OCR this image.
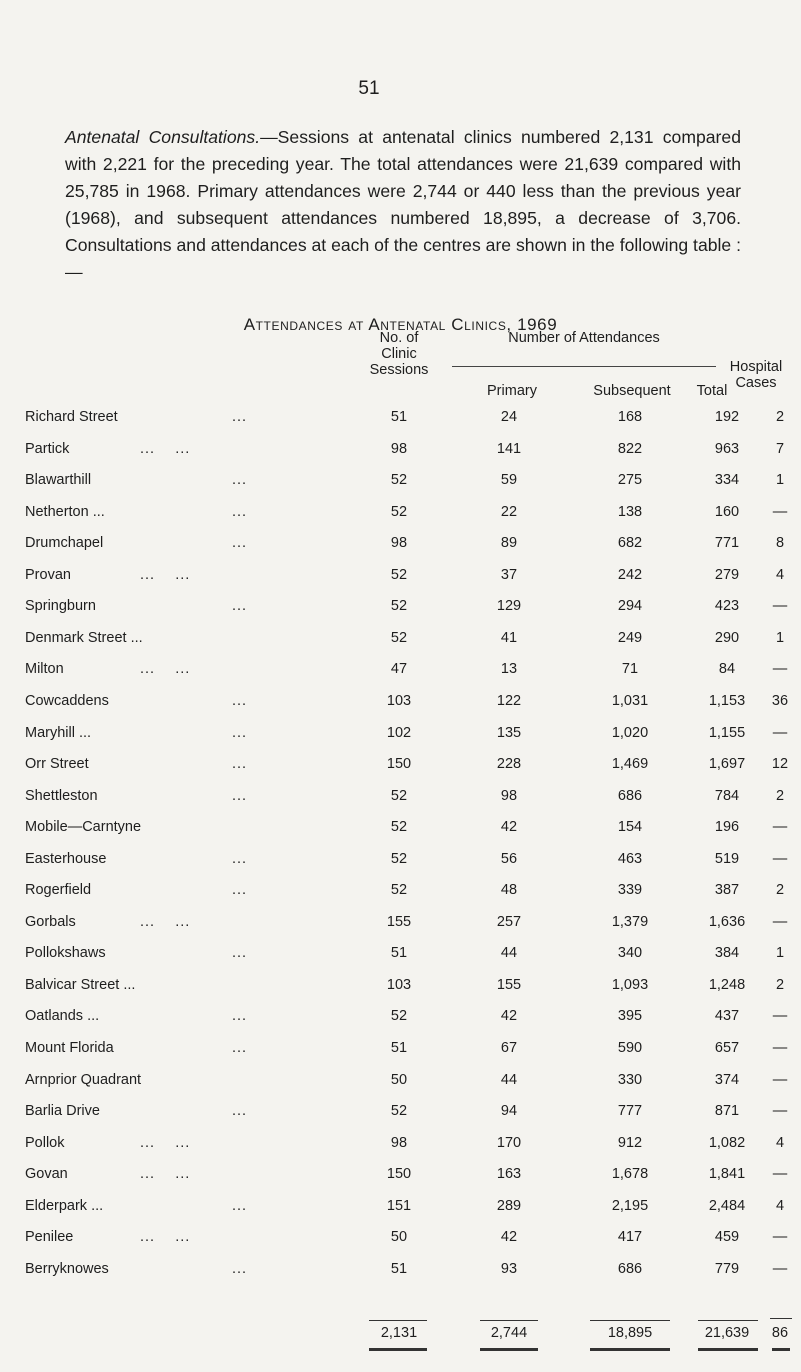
51
Antenatal Consultations.—Sessions at antenatal clinics numbered 2,131 compared with 2,221 for the preceding year. The total attendances were 21,639 compared with 25,785 in 1968. Primary attendances were 2,744 or 440 less than the previous year (1968), and subsequent attendances numbered 18,895, a decrease of 3,706. Consultations and attendances at each of the centres are shown in the following table :—
Attendances at Antenatal Clinics, 1969
No. of
Clinic
Sessions
Number of Attendances
Hospital
Cases
Primary	Subsequent	Total
Richard Street	...	51	24	168	192	2
Partick	...    ...	98	141	822	963	7
Blawarthill	...	52	59	275	334	1
Netherton ...	...	52	22	138	160	—
Drumchapel	...	98	89	682	771	8
Provan	...    ...	52	37	242	279	4
Springburn	...	52	129	294	423	—
Denmark Street ...	52	41	249	290	1
Milton	...    ...	47	13	71	84	—
Cowcaddens	...	103	122	1,031	1,153	36
Maryhill ...	...	102	135	1,020	1,155	—
Orr Street	...	150	228	1,469	1,697	12
Shettleston	...	52	98	686	784	2
Mobile—Carntyne	52	42	154	196	—
Easterhouse	...	52	56	463	519	—
Rogerfield	...	52	48	339	387	2
Gorbals	...    ...	155	257	1,379	1,636	—
Pollokshaws	...	51	44	340	384	1
Balvicar Street ...	103	155	1,093	1,248	2
Oatlands ...	...	52	42	395	437	—
Mount Florida	...	51	67	590	657	—
Arnprior Quadrant	50	44	330	374	—
Barlia Drive	...	52	94	777	871	—
Pollok	...    ...	98	170	912	1,082	4
Govan	...    ...	150	163	1,678	1,841	—
Elderpark ...	...	151	289	2,195	2,484	4
Penilee	...    ...	50	42	417	459	—
Berryknowes	...	51	93	686	779	—
2,131	2,744	18,895	21,639	86
